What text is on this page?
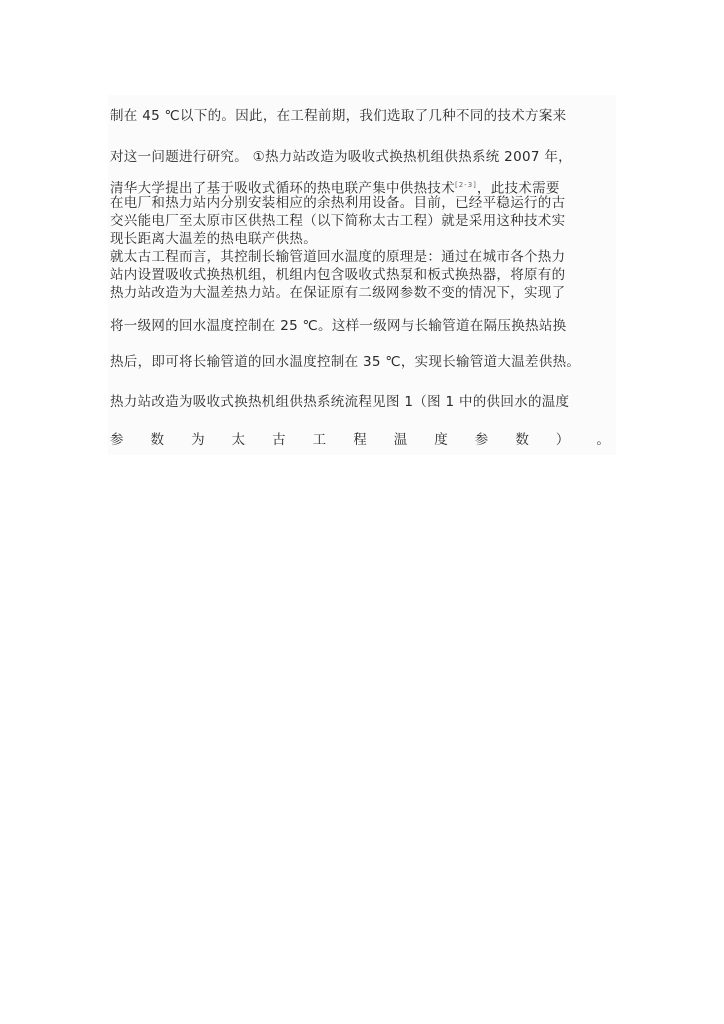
制在 45 ℃以下的。因此，在工程前期，我们选取了几种不同的技术方案来
对这一问题进行研究。 ①热力站改造为吸收式换热机组供热系统 2007 年，
清华大学提出了基于吸收式循环的热电联产集中供热技术[2-3]，此技术需要
在电厂和热力站内分别安装相应的余热利用设备。目前，已经平稳运行的古
交兴能电厂至太原市区供热工程（以下简称太古工程）就是采用这种技术实
现长距离大温差的热电联产供热。
就太古工程而言，其控制长输管道回水温度的原理是：通过在城市各个热力
站内设置吸收式换热机组，机组内包含吸收式热泵和板式换热器，将原有的
热力站改造为大温差热力站。在保证原有二级网参数不变的情况下，实现了
将一级网的回水温度控制在 25 ℃。这样一级网与长输管道在隔压换热站换
热后，即可将长输管道的回水温度控制在 35 ℃，实现长输管道大温差供热。
热力站改造为吸收式换热机组供热系统流程见图 1（图 1 中的供回水的温度
参 数 为 太 古 工 程 温 度 参 数 ） 。
